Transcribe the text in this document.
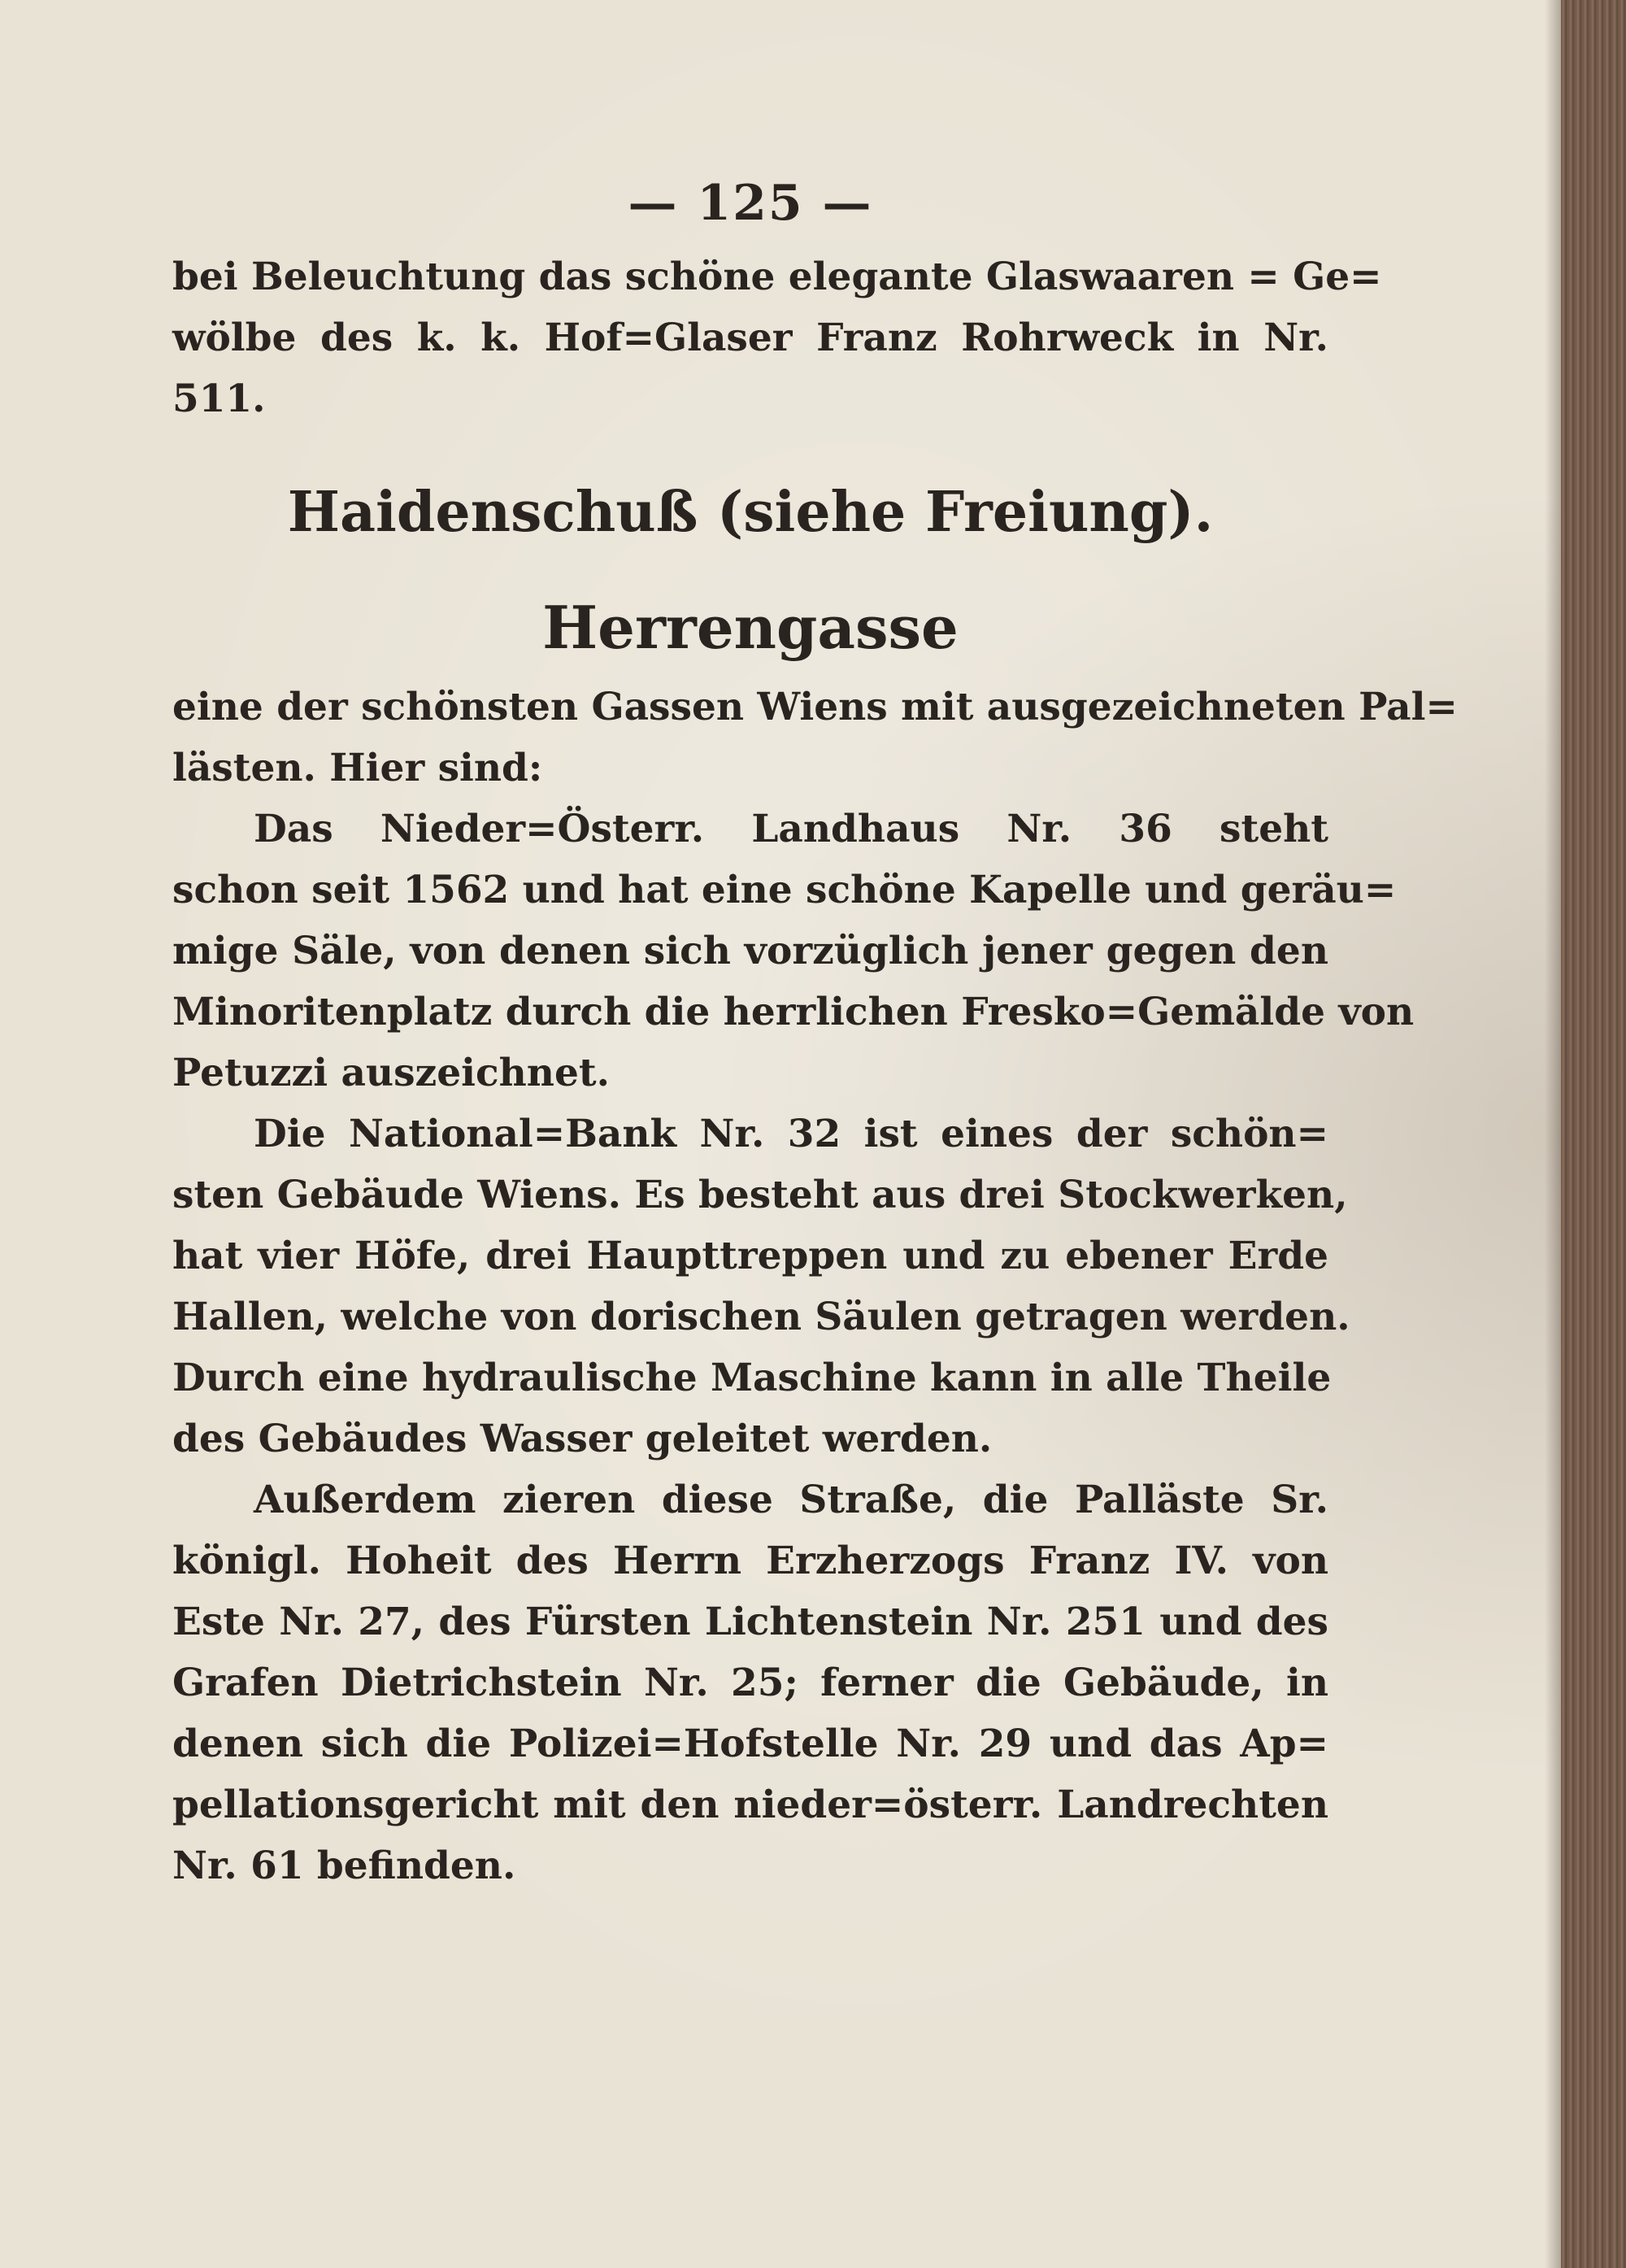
— 125 —
bei Beleuchtung das schöne elegante Glaswaaren = Ge=
wölbe des k. k. Hof=Glaser Franz Rohrweck in Nr.
511.
Haidenschuß (siehe Freiung).
Herrengasse
eine der schönsten Gassen Wiens mit ausgezeichneten Pal=
lästen. Hier sind:
Das Nieder=Österr. Landhaus Nr. 36 steht
schon seit 1562 und hat eine schöne Kapelle und geräu=
mige Säle, von denen sich vorzüglich jener gegen den
Minoritenplatz durch die herrlichen Fresko=Gemälde von
Petuzzi auszeichnet.
Die National=Bank Nr. 32 ist eines der schön=
sten Gebäude Wiens. Es besteht aus drei Stockwerken,
hat vier Höfe, drei Haupttreppen und zu ebener Erde
Hallen, welche von dorischen Säulen getragen werden.
Durch eine hydraulische Maschine kann in alle Theile
des Gebäudes Wasser geleitet werden.
Außerdem zieren diese Straße, die Palläste Sr.
königl. Hoheit des Herrn Erzherzogs Franz IV. von
Este Nr. 27, des Fürsten Lichtenstein Nr. 251 und des
Grafen Dietrichstein Nr. 25; ferner die Gebäude, in
denen sich die Polizei=Hofstelle Nr. 29 und das Ap=
pellationsgericht mit den nieder=österr. Landrechten
Nr. 61 befinden.
